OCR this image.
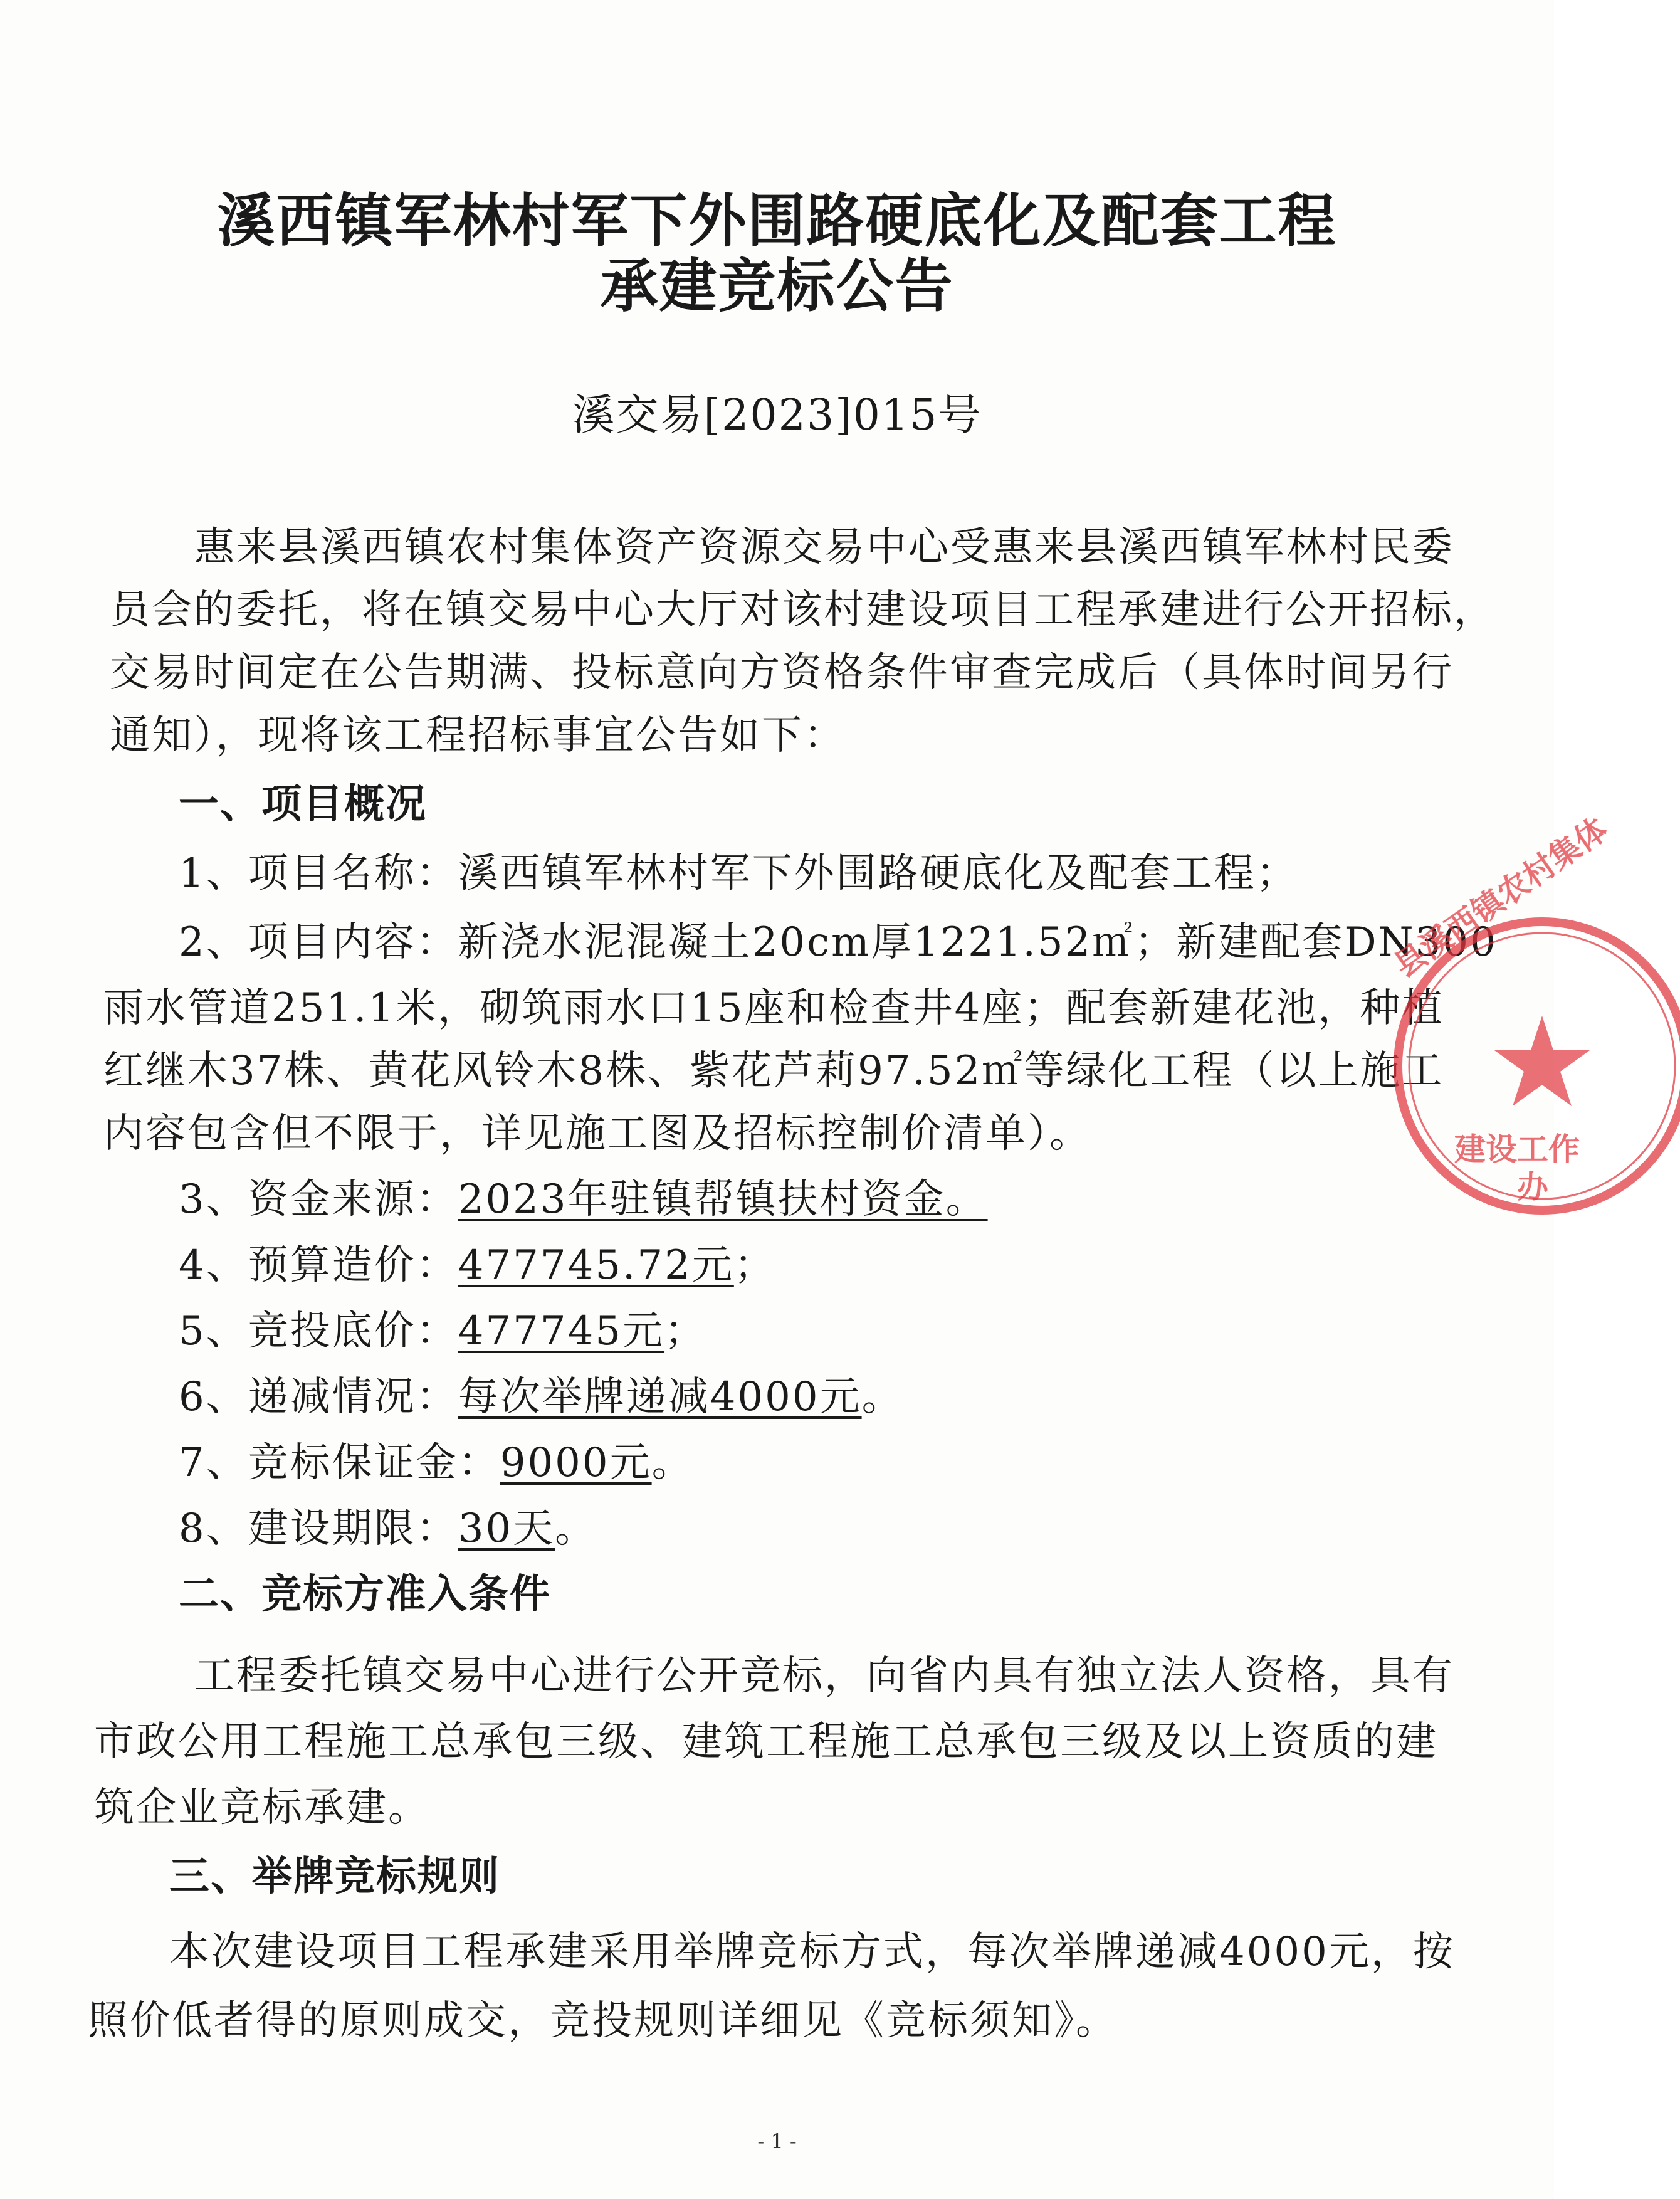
溪西镇军林村军下外围路硬底化及配套工程
承建竞标公告
溪交易[2023]015号
惠来县溪西镇农村集体资产资源交易中心受惠来县溪西镇军林村民委
员会的委托，将在镇交易中心大厅对该村建设项目工程承建进行公开招标，
交易时间定在公告期满、投标意向方资格条件审查完成后（具体时间另行
通知），现将该工程招标事宜公告如下：
一、项目概况
1、项目名称：溪西镇军林村军下外围路硬底化及配套工程；
2、项目内容：新浇水泥混凝土20cm厚1221.52㎡；新建配套DN300
雨水管道251.1米，砌筑雨水口15座和检查井4座；配套新建花池，种植
红继木37株、黄花风铃木8株、紫花芦莉97.52㎡等绿化工程（以上施工
内容包含但不限于，详见施工图及招标控制价清单）。
3、资金来源：2023年驻镇帮镇扶村资金。
4、预算造价：477745.72元；
5、竞投底价：477745元；
6、递减情况：每次举牌递减4000元。
7、竞标保证金：9000元。
8、建设期限：30天。
二、竞标方准入条件
工程委托镇交易中心进行公开竞标，向省内具有独立法人资格，具有
市政公用工程施工总承包三级、建筑工程施工总承包三级及以上资质的建
筑企业竞标承建。
三、举牌竞标规则
本次建设项目工程承建采用举牌竞标方式，每次举牌递减4000元，按
照价低者得的原则成交，竞投规则详细见《竞标须知》。
- 1 -
县溪西镇农村集体
建设工作
办
